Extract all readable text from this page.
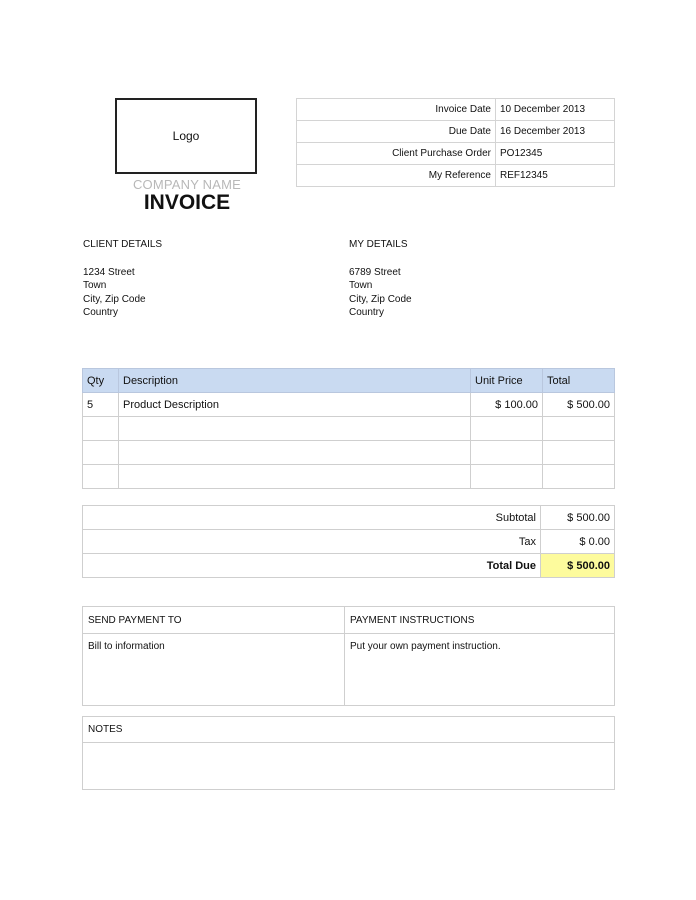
Logo
COMPANY NAME
INVOICE
Invoice Date	10 December 2013
Due Date	16 December 2013
Client Purchase Order	PO12345
My Reference	REF12345
CLIENT DETAILS
1234 Street
Town
City, Zip Code
Country
MY DETAILS
6789 Street
Town
City, Zip Code
Country
Qty	Description	Unit Price	Total
5	Product Description	$ 100.00	$ 500.00

Subtotal	$ 500.00
Tax	$ 0.00
Total Due	$ 500.00
SEND PAYMENT TO	PAYMENT INSTRUCTIONS
Bill to information	Put your own payment instruction.
NOTES
